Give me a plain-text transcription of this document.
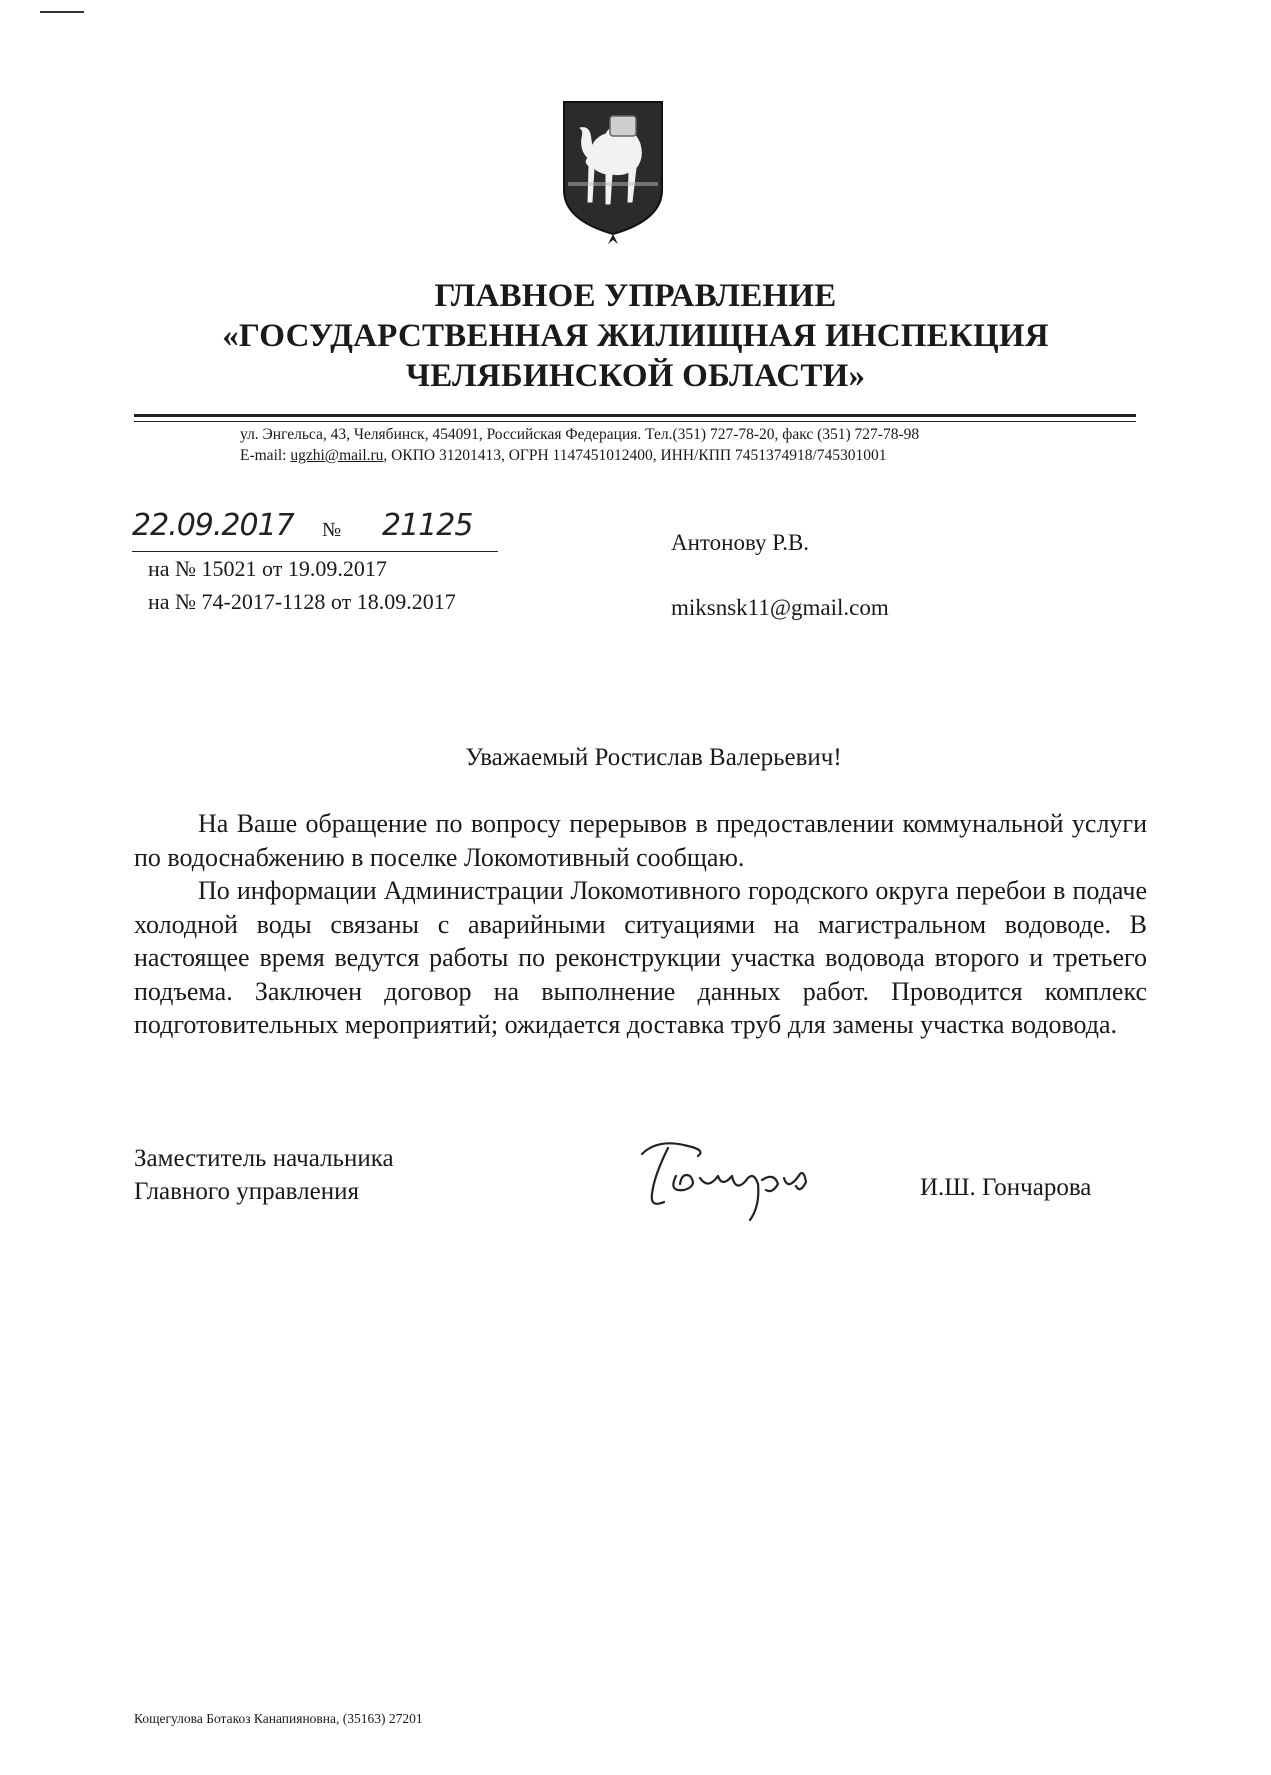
ГЛАВНОЕ УПРАВЛЕНИЕ
«ГОСУДАРСТВЕННАЯ ЖИЛИЩНАЯ ИНСПЕКЦИЯ
ЧЕЛЯБИНСКОЙ ОБЛАСТИ»
ул. Энгельса, 43, Челябинск, 454091, Российская Федерация. Тел.(351) 727-78-20, факс (351) 727-78-98
E-mail: ugzhi@mail.ru, ОКПО 31201413, ОГРН 1147451012400, ИНН/КПП 7451374918/745301001
22.09.2017 № 21125
на № 15021 от 19.09.2017
на № 74-2017-1128 от 18.09.2017
Антонову Р.В.
miksnsk11@gmail.com
Уважаемый Ростислав Валерьевич!

На Ваше обращение по вопросу перерывов в предоставлении коммунальной услуги по водоснабжению в поселке Локомотивный сообщаю.

По информации Администрации Локомотивного городского округа перебои в подаче холодной воды связаны с аварийными ситуациями на магистральном водоводе. В настоящее время ведутся работы по реконструкции участка водовода второго и третьего подъема. Заключен договор на выполнение данных работ. Проводится комплекс подготовительных мероприятий; ожидается доставка труб для замены участка водовода.

Заместитель начальника
Главного управления	И.Ш. Гончарова
Кощегулова Ботакоз Канапияновна, (35163) 27201
